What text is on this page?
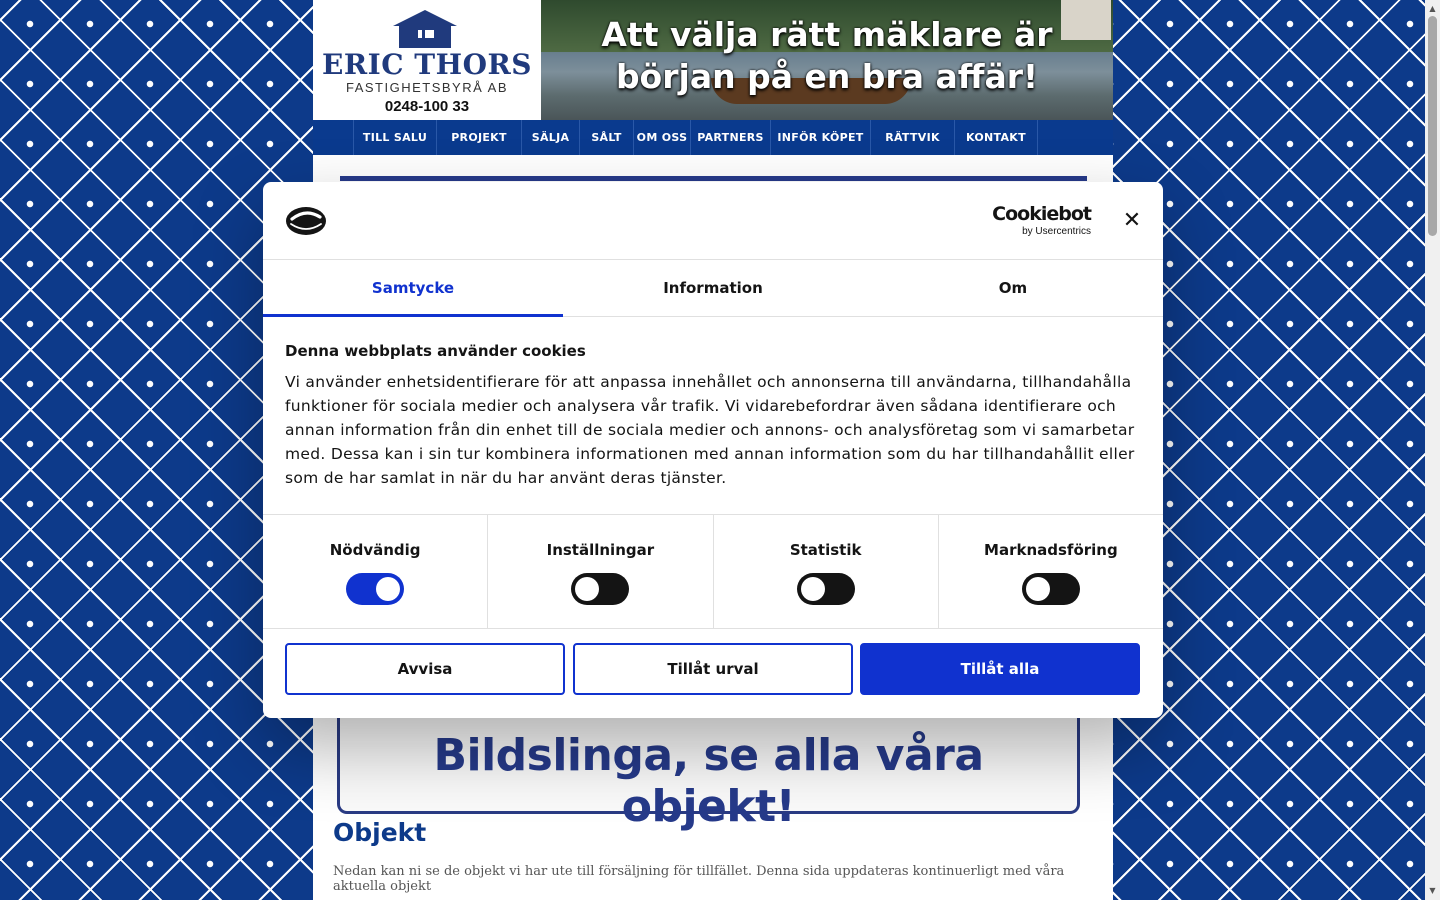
ERIC THORS
FASTIGHETSBYRÅ AB
0248-100 33
Att välja rätt mäklare är
början på en bra affär!
TILL SALU	PROJEKT	SÄLJA	SÅLT	OM OSS PARTNERS	INFÖR KÖPET	RÄTTVIK	KONTAKT
Bildslinga, se alla våra objekt!
Objekt
Nedan kan ni se de objekt vi har ute till försäljning för tillfället. Denna sida uppdateras kontinuerligt med våra aktuella objekt
▲
▼
Cookiebot
by Usercentrics ✕
Samtycke	Information	Om
Denna webbplats använder cookies
Vi använder enhetsidentifierare för att anpassa innehållet och annonserna till användarna, tillhandahålla funktioner för sociala medier och analysera vår trafik. Vi vidarebefordrar även sådana identifierare och annan information från din enhet till de sociala medier och annons- och analysföretag som vi samarbetar med. Dessa kan i sin tur kombinera informationen med annan information som du har tillhandahållit eller som de har samlat in när du har använt deras tjänster.
Nödvändig	Inställningar	Statistik	Marknadsföring
Avvisa	Tillåt urval	Tillåt alla
